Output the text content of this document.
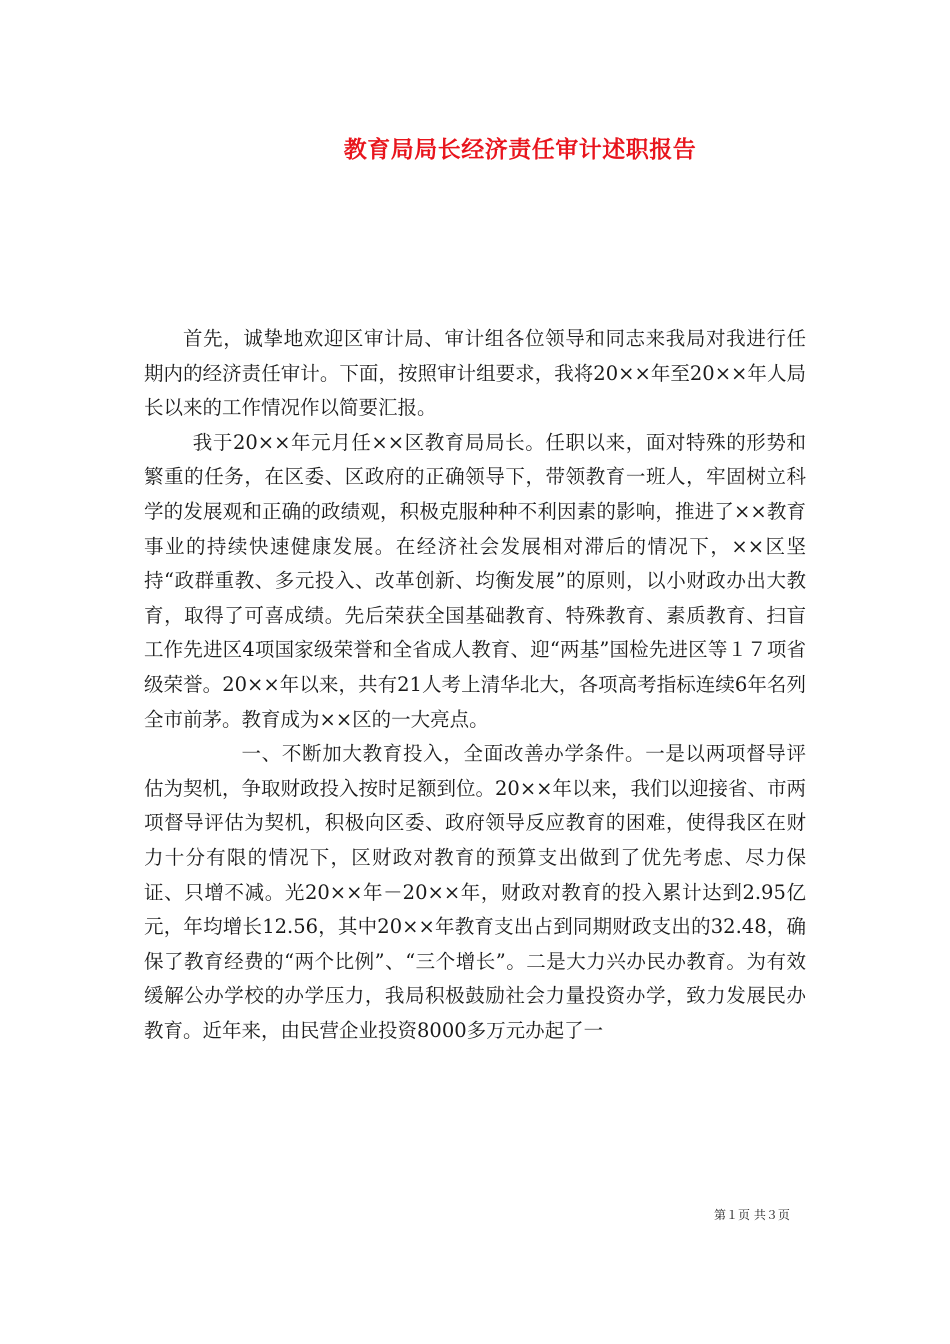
教育局局长经济责任审计述职报告

首先，诚挚地欢迎区审计局、审计组各位领导和同志来我局对我进行任期内的经济责任审计。下面，按照审计组要求，我将20××年至20××年人局长以来的工作情况作以简要汇报。

我于20××年元月任××区教育局局长。任职以来，面对特殊的形势和繁重的任务，在区委、区政府的正确领导下，带领教育一班人，牢固树立科学的发展观和正确的政绩观，积极克服种种不利因素的影响，推进了××教育事业的持续快速健康发展。在经济社会发展相对滞后的情况下，××区坚持“政群重教、多元投入、改革创新、均衡发展”的原则，以小财政办出大教育，取得了可喜成绩。先后荣获全国基础教育、特殊教育、素质教育、扫盲工作先进区4项国家级荣誉和全省成人教育、迎“两基”国检先进区等１７项省级荣誉。20××年以来，共有21人考上清华北大，各项高考指标连续6年名列全市前茅。教育成为××区的一大亮点。

一、不断加大教育投入，全面改善办学条件。一是以两项督导评估为契机，争取财政投入按时足额到位。20××年以来，我们以迎接省、市两项督导评估为契机，积极向区委、政府领导反应教育的困难，使得我区在财力十分有限的情况下，区财政对教育的预算支出做到了优先考虑、尽力保证、只增不减。光20××年－20××年，财政对教育的投入累计达到2.95亿元，年均增长12.56，其中20××年教育支出占到同期财政支出的32.48，确保了教育经费的“两个比例”、“三个增长”。二是大力兴办民办教育。为有效缓解公办学校的办学压力，我局积极鼓励社会力量投资办学，致力发展民办教育。近年来，由民营企业投资8000多万元办起了一

第１页 共３页
